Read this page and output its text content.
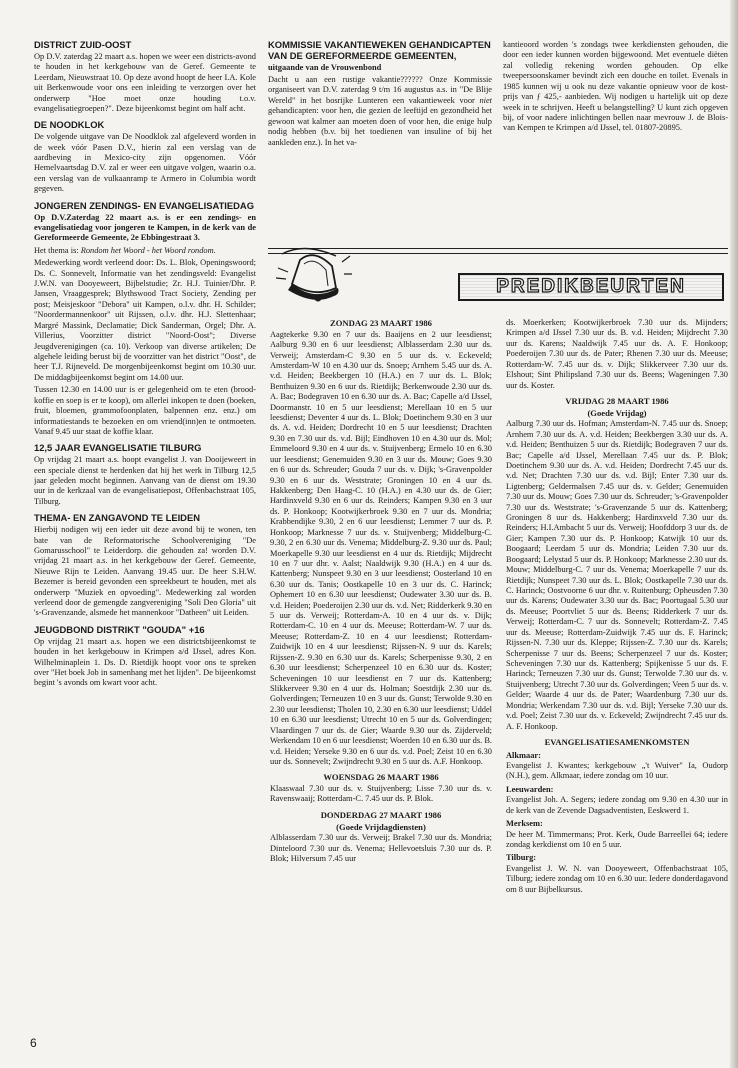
DISTRICT ZUID-OOST

Op D.V. zaterdag 22 maart a.s. hopen we weer een districts-avond te houden in het kerkgebouw van de Geref. Gemeente te Leerdam, Nieuwstraat 10. Op deze avond hoopt de heer I.A. Kole uit Berkenwoude voor ons een inleiding te verzorgen over het onderwerp "Hoe moet onze houding t.o.v. evangelisatiegroepen?". Deze bijeenkomst begint om half acht.

DE NOODKLOK

De volgende uitgave van De Noodklok zal afgeleverd worden in de week vóór Pasen D.V., hierin zal een verslag van de aardbeving in Mexico-city zijn opgenomen. Vóór Hemelvaartsdag D.V. zal er weer een uitgave volgen, waarin o.a. een verslag van de vulkaanramp te Armero in Columbia wordt gegeven.

JONGEREN ZENDINGS- EN EVANGELISATIEDAG

Op D.V.Zaterdag 22 maart a.s. is er een zendings- en evangelisatiedag voor jongeren te Kampen, in de kerk van de Gereformeerde Gemeente, 2e Ebbingestraat 3.

Het thema is: Rondom het Woord - het Woord rondom.

Medewerking wordt verleend door: Ds. L. Blok, Openingswoord; Ds. C. Sonnevelt, Informatie van het zendingsveld: Evangelist J.W.N. van Dooyeweert, Bijbelstudie; Zr. H.J. Tuinier/Dhr. P. Jansen, Vraaggesprek; Blythswood Tract Society, Zending per post; Meisjeskoor "Debora" uit Kampen, o.l.v. dhr. H. Schilder; "Noordermannenkoor" uit Rijssen, o.l.v. dhr. H.J. Slettenhaar; Margré Massink, Declamatie; Dick Sanderman, Orgel; Dhr. A. Villerius, Voorzitter district "Noord-Oost"; Diverse Jeugdverenigingen (ca. 10). Verkoop van diverse artikelen; De algehele leiding berust bij de voorzitter van het district "Oost", de heer T.J. Rijneveld. De morgenbijeenkomst begint om 10.30 uur. De middagbijeenkomst begint om 14.00 uur.

Tussen 12.30 en 14.00 uur is er gelegenheid om te eten (brood- koffie en soep is er te koop), om allerlei inkopen te doen (boeken, fruit, bloemen, grammofoonplaten, balpennen enz. enz.) om informatiestands te bezoeken en om vriend(inn)en te ontmoeten. Vanaf 9.45 uur staat de koffie klaar.

12,5 JAAR EVANGELISATIE TILBURG

Op vrijdag 21 maart a.s. hoopt evangelist J. van Dooijeweert in een speciale dienst te herdenken dat hij het werk in Tilburg 12,5 jaar geleden mocht beginnen. Aanvang van de dienst om 19.30 uur in de kerkzaal van de evangelisatiepost, Offenbachstraat 105, Tilburg.

THEMA- EN ZANGAVOND TE LEIDEN

Hierbij nodigen wij een ieder uit deze avond bij te wonen, ten bate van de Reformatorische Schoolvereniging "De Gomarusschool" te Leiderdorp. die gehouden za! worden D.V. vrijdag 21 maart a.s. in het kerkgebouw der Geref. Gemeente, Nieuwe Rijn te Leiden. Aanvang 19.45 uur. De heer S.H.W. Bezemer is bereid gevonden een spreekbeurt te houden, met als onderwerp "Muziek en opvoeding". Medewerking zal worden verleend door de gemengde zangvereniging "Soli Deo Gloria" uit 's-Gravenzande, alsmede het mannenkoor "Datheen" uit Leiden.

JEUGDBOND DISTRIKT "GOUDA" +16

Op vrijdag 21 maart a.s. hopen we een districtsbijeenkomst te houden in het kerkgebouw in Krimpen a/d IJssel, adres Kon. Wilhelminaplein 1. Ds. D. Rietdijk hoopt voor ons te spreken over "Het boek Job in samenhang met het lijden". De bijeenkomst begint 's avonds om kwart voor acht.

KOMMISSIE VAKANTIEWEKEN GEHANDICAPTEN VAN DE GEREFORMEERDE GEMEENTEN,

uitgaande van de Vrouwenbond

Dacht u aan een rustige vakantie?????? Onze Kommissie organiseert van D.V. zaterdag 9 t/m 16 augustus a.s. in "De Blije Wereld" in het bosrijke Lunteren een vakantieweek voor niet gehandicapten: voor hen, die gezien de leeftijd en gezondheid het gewoon wat kalmer aan moeten doen of voor hen, die enige hulp nodig hebben (b.v. bij het toedienen van insuline of bij het aankleden enz.). In het va-

kantieoord worden 's zondags twee kerkdiensten gehouden, die door een ieder kunnen worden bijgewoond. Met eventuele diëten zal volledig rekening worden gehouden. Op elke tweepersoonskamer bevindt zich een douche en toilet. Evenals in 1985 kunnen wij u ook nu deze vakantie opnieuw voor de kost-prijs van ƒ 425,- aanbieden. Wij nodigen u hartelijk uit op deze week in te schrijven. Heeft u belangstelling? U kunt zich opgeven bij, of voor nadere inlichtingen bellen naar mevrouw J. de Blois-van Kempen te Krimpen a/d IJssel, tel. 01807-20895.

PREDIKBEURTEN
ZONDAG 23 MAART 1986

Aagtekerke 9.30 en 7 uur ds. Baaijens en 2 uur leesdienst; Aalburg 9.30 en 6 uur leesdienst; Alblasserdam 2.30 uur ds. Verweij; Amsterdam-C 9.30 en 5 uur ds. v. Eckeveld; Amsterdam-W 10 en 4.30 uur ds. Snoep; Arnhem 5.45 uur ds. A. v.d. Heiden; Beekbergen 10 (H.A.) en 7 uur ds. L. Blok; Benthuizen 9.30 en 6 uur ds. Rietdijk; Berkenwoude 2.30 uur ds. A. Bac; Bodegraven 10 en 6.30 uur ds. A. Bac; Capelle a/d IJssel, Doormanstr. 10 en 5 uur leesdienst; Merellaan 10 en 5 uur leesdienst; Deventer 4 uur ds. L. Blok; Doetinchem 9.30 en 3 uur ds. A. v.d. Heiden; Dordrecht 10 en 5 uur leesdienst; Drachten 9.30 en 7.30 uur ds. v.d. Bijl; Eindhoven 10 en 4.30 uur ds. Mol; Emmeloord 9.30 en 4 uur ds. v. Stuijvenberg; Ermelo 10 en 6.30 uur leesdienst; Genemuiden 9.30 en 3 uur ds. Mouw; Goes 9.30 en 6 uur ds. Schreuder; Gouda 7 uur ds. v. Dijk; 's-Gravenpolder 9.30 en 6 uur ds. Weststrate; Groningen 10 en 4 uur ds. Hakkenberg; Den Haag-C. 10 (H.A.) en 4.30 uur ds. de Gier; Hardinxveld 9.30 en 6 uur ds. Reinders; Kampen 9.30 en 3 uur ds. P. Honkoop; Kootwijkerbroek 9.30 en 7 uur ds. Mondria; Krabbendijke 9.30, 2 en 6 uur leesdienst; Lemmer 7 uur ds. P. Honkoop; Marknesse 7 uur ds. v. Stuijvenberg; Middelburg-C. 9.30, 2 en 6.30 uur ds. Venema; Middelburg-Z. 9.30 uur ds. Paul; Moerkapelle 9.30 uur leesdienst en 4 uur ds. Rietdijk; Mijdrecht 10 en 7 uur dhr. v. Aalst; Naaldwijk 9.30 (H.A.) en 4 uur ds. Kattenberg; Nunspeet 9.30 en 3 uur leesdienst; Oosterland 10 en 6.30 uur ds. Tanis; Oostkapelle 10 en 3 uur ds. C. Harinck; Ophemert 10 en 6.30 uur leesdienst; Oudewater 3.30 uur ds. B. v.d. Heiden; Poederoijen 2.30 uur ds. v.d. Net; Ridderkerk 9.30 en 5 uur ds. Verweij; Rotterdam-A. 10 en 4 uur ds. v. Dijk; Rotterdam-C. 10 en 4 uur ds. Meeuse; Rotterdam-W. 7 uur ds. Meeuse; Rotterdam-Z. 10 en 4 uur leesdienst; Rotterdam-Zuidwijk 10 en 4 uur leesdienst; Rijssen-N. 9 uur ds. Karels; Rijssen-Z. 9.30 en 6.30 uur ds. Karels; Scherpenisse 9.30, 2 en 6.30 uur leesdienst; Scherpenzeel 10 en 6.30 uur ds. Koster; Scheveningen 10 uur leesdienst en 7 uur ds. Kattenberg; Slikkerveer 9.30 en 4 uur ds. Holman; Soestdijk 2.30 uur ds. Golverdingen; Terneuzen 10 en 3 uur ds. Gunst; Terwolde 9.30 en 2.30 uur leesdienst; Tholen 10, 2.30 en 6.30 uur leesdienst; Uddel 10 en 6.30 uur leesdienst; Utrecht 10 en 5 uur ds. Golverdingen; Vlaardingen 7 uur ds. de Gier; Waarde 9.30 uur ds. Zijderveld; Werkendam 10 en 6 uur leesdienst; Woerden 10 en 6.30 uur ds. B. v.d. Heiden; Yerseke 9.30 en 6 uur ds. v.d. Poel; Zeist 10 en 6.30 uur ds. Sonnevelt; Zwijndrecht 9.30 en 5 uur ds. A.F. Honkoop.

WOENSDAG 26 MAART 1986

Klaaswaal 7.30 uur ds. v. Stuijvenberg; Lisse 7.30 uur ds. v. Ravenswaaij; Rotterdam-C. 7.45 uur ds. P. Blok.

DONDERDAG 27 MAART 1986
(Goede Vrijdagdiensten)

Alblasserdam 7.30 uur ds. Verweij; Brakel 7.30 uur ds. Mondria; Dinteloord 7.30 uur ds. Venema; Hellevoetsluis 7.30 uur ds. P. Blok; Hilversum 7.45 uur

ds. Moerkerken; Kootwijkerbroek 7.30 uur ds. Mijnders; Krimpen a/d IJssel 7.30 uur ds. B. v.d. Heiden; Mijdrecht 7.30 uur ds. Karens; Naaldwijk 7.45 uur ds. A. F. Honkoop; Poederoijen 7.30 uur ds. de Pater; Rhenen 7.30 uur ds. Meeuse; Rotterdam-W. 7.45 uur ds. v. Dijk; Slikkerveer 7.30 uur ds. Elshout; Sint Philipsland 7.30 uur ds. Beens; Wageningen 7.30 uur ds. Koster.

VRIJDAG 28 MAART 1986
(Goede Vrijdag)

Aalburg 7.30 uur ds. Hofman; Amsterdam-N. 7.45 uur ds. Snoep; Arnhem 7.30 uur ds. A. v.d. Heiden; Beekbergen 3.30 uur ds. A. v.d. Heiden; Benthuizen 5 uur ds. Rietdijk; Bodegraven 7 uur ds. Bac; Capelle a/d IJssel, Merellaan 7.45 uur ds. P. Blok; Doetinchem 9.30 uur ds. A. v.d. Heiden; Dordrecht 7.45 uur ds. v.d. Net; Drachten 7.30 uur ds. v.d. Bijl; Enter 7.30 uur ds. Ligtenberg; Geldermalsen 7.45 uur ds. v. Gelder; Genemuiden 7.30 uur ds. Mouw; Goes 7.30 uur ds. Schreuder; 's-Gravenpolder 7.30 uur ds. Weststrate; 's-Gravenzande 5 uur ds. Kattenberg; Groningen 8 uur ds. Hakkenberg; Hardinxveld 7.30 uur ds. Reinders; H.I.Ambacht 5 uur ds. Verweij; Hoofddorp 3 uur ds. de Gier; Kampen 7.30 uur ds. P. Honkoop; Katwijk 10 uur ds. Boogaard; Leerdam 5 uur ds. Mondria; Leiden 7.30 uur ds. Boogaard; Lelystad 5 uur ds. P. Honkoop; Marknesse 2.30 uur ds. Mouw; Middelburg-C. 7 uur ds. Venema; Moerkapelle 7 uur ds. Rietdijk; Nunspeet 7.30 uur ds. L. Blok; Oostkapelle 7.30 uur ds. C. Harinck; Oostvoorne 6 uur dhr. v. Ruitenburg; Opheusden 7.30 uur ds. Karens; Oudewater 3.30 uur ds. Bac; Poortugaal 5.30 uur ds. Meeuse; Poortvliet 5 uur ds. Beens; Ridderkerk 7 uur ds. Verweij; Rotterdam-C. 7 uur ds. Sonnevelt; Rotterdam-Z. 7.45 uur ds. Meeuse; Rotterdam-Zuidwijk 7.45 uur ds. F. Harinck; Rijssen-N. 7.30 uur ds. Kleppe; Rijssen-Z. 7.30 uur ds. Karels; Scherpenisse 7 uur ds. Beens; Scherpenzeel 7 uur ds. Koster; Scheveningen 7.30 uur ds. Kattenberg; Spijkenisse 5 uur ds. F. Harinck; Terneuzen 7.30 uur ds. Gunst; Terwolde 7.30 uur ds. v. Stuijvenberg; Utrecht 7.30 uur ds. Golverdingen; Veen 5 uur ds. v. Gelder; Waarde 4 uur ds. de Pater; Waardenburg 7.30 uur ds. Mondria; Werkendam 7.30 uur ds. v.d. Bijl; Yerseke 7.30 uur ds. v.d. Poel; Zeist 7.30 uur ds. v. Eckeveld; Zwijndrecht 7.45 uur ds. A. F. Honkoop.

EVANGELISATIESAMENKOMSTEN
Alkmaar:

Evangelist J. Kwantes; kerkgebouw „'t Wuiver" Ia, Oudorp (N.H.), gem. Alkmaar, iedere zondag om 10 uur.

Leeuwarden:

Evangelist Joh. A. Segers; iedere zondag om 9.30 en 4.30 uur in de kerk van de Zevende Dagsadventisten, Eeskwerd 1.

Merksem:

De heer M. Timmermans; Prot. Kerk, Oude Barreellei 64; iedere zondag kerkdienst om 10 en 5 uur.

Tilburg:

Evangelist J. W. N. van Dooyeweert, Offenbachstraat 105, Tilburg; iedere zondag om 10 en 6.30 uur. Iedere donderdagavond om 8 uur Bijbelkursus.

6
